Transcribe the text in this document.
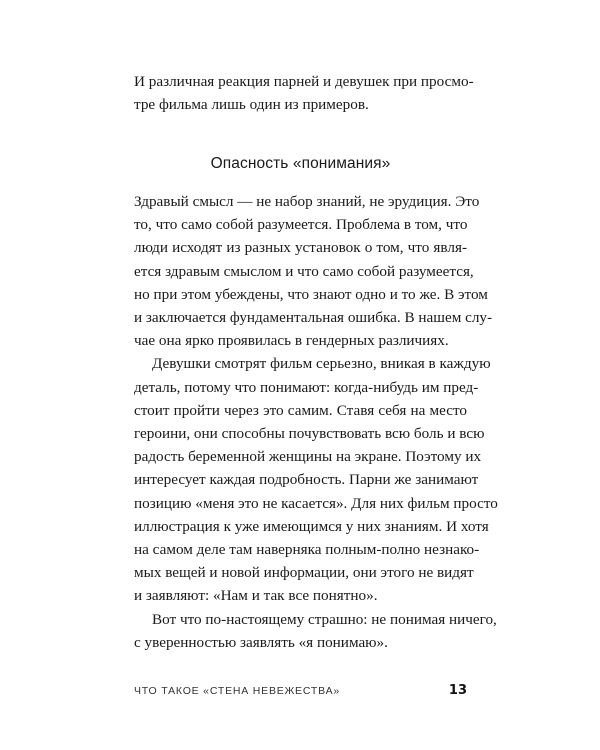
И различная реакция парней и девушек при просмо-
тре фильма лишь один из примеров.
Опасность «понимания»
Здравый смысл — не набор знаний, не эрудиция. Это
то, что само собой разумеется. Проблема в том, что
люди исходят из разных установок о том, что явля-
ется здравым смыслом и что само собой разумеется,
но при этом убеждены, что знают одно и то же. В этом
и заключается фундаментальная ошибка. В нашем слу-
чае она ярко проявилась в гендерных различиях.
Девушки смотрят фильм серьезно, вникая в каждую
деталь, потому что понимают: когда-нибудь им пред-
стоит пройти через это самим. Ставя себя на место
героини, они способны почувствовать всю боль и всю
радость беременной женщины на экране. Поэтому их
интересует каждая подробность. Парни же занимают
позицию «меня это не касается». Для них фильм просто
иллюстрация к уже имеющимся у них знаниям. И хотя
на самом деле там наверняка полным-полно незнако-
мых вещей и новой информации, они этого не видят
и заявляют: «Нам и так все понятно».
Вот что по-настоящему страшно: не понимая ничего,
с уверенностью заявлять «я понимаю».
ЧТО ТАКОЕ «СТЕНА НЕВЕЖЕСТВА»	13
